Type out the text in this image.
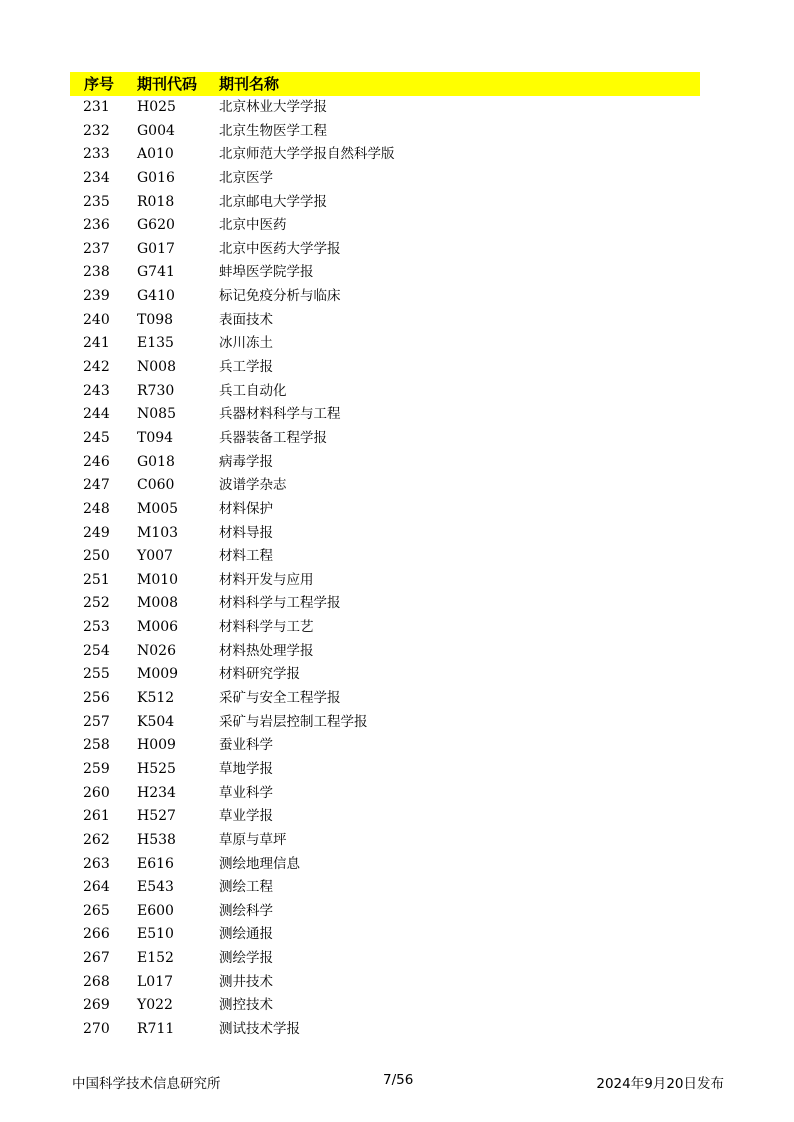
序号 期刊代码 期刊名称
231 H025	北京林业大学学报
232 G004	北京生物医学工程
233 A010	北京师范大学学报自然科学版
234 G016	北京医学
235 R018	北京邮电大学学报
236 G620	北京中医药
237 G017	北京中医药大学学报
238 G741	蚌埠医学院学报
239 G410	标记免疫分析与临床
240 T098	表面技术
241 E135	冰川冻土
242 N008	兵工学报
243 R730	兵工自动化
244 N085	兵器材料科学与工程
245 T094	兵器装备工程学报
246 G018	病毒学报
247 C060	波谱学杂志
248 M005	材料保护
249 M103	材料导报
250 Y007	材料工程
251 M010	材料开发与应用
252 M008	材料科学与工程学报
253 M006	材料科学与工艺
254 N026	材料热处理学报
255 M009	材料研究学报
256 K512	采矿与安全工程学报
257 K504	采矿与岩层控制工程学报
258 H009	蚕业科学
259 H525	草地学报
260 H234	草业科学
261 H527	草业学报
262 H538	草原与草坪
263 E616	测绘地理信息
264 E543	测绘工程
265 E600	测绘科学
266 E510	测绘通报
267 E152	测绘学报
268 L017	测井技术
269 Y022	测控技术
270 R711	测试技术学报
中国科学技术信息研究所	7/56	2024年9月20日发布
